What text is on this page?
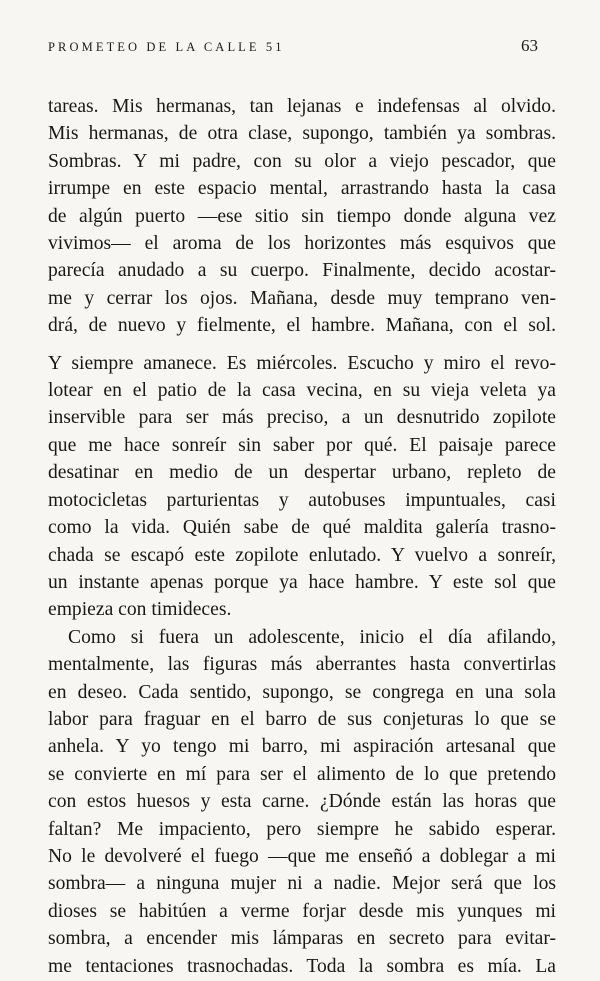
PROMETEO DE LA CALLE 51	63
tareas. Mis hermanas, tan lejanas e indefensas al olvido.
Mis hermanas, de otra clase, supongo, también ya sombras.
Sombras. Y mi padre, con su olor a viejo pescador, que
irrumpe en este espacio mental, arrastrando hasta la casa
de algún puerto —ese sitio sin tiempo donde alguna vez
vivimos— el aroma de los horizontes más esquivos que
parecía anudado a su cuerpo. Finalmente, decido acostar-
me y cerrar los ojos. Mañana, desde muy temprano ven-
drá, de nuevo y fielmente, el hambre. Mañana, con el sol.
Y siempre amanece. Es miércoles. Escucho y miro el revo-
lotear en el patio de la casa vecina, en su vieja veleta ya
inservible para ser más preciso, a un desnutrido zopilote
que me hace sonreír sin saber por qué. El paisaje parece
desatinar en medio de un despertar urbano, repleto de
motocicletas parturientas y autobuses impuntuales, casi
como la vida. Quién sabe de qué maldita galería trasno-
chada se escapó este zopilote enlutado. Y vuelvo a sonreír,
un instante apenas porque ya hace hambre. Y este sol que
empieza con timideces.
Como si fuera un adolescente, inicio el día afilando,
mentalmente, las figuras más aberrantes hasta convertirlas
en deseo. Cada sentido, supongo, se congrega en una sola
labor para fraguar en el barro de sus conjeturas lo que se
anhela. Y yo tengo mi barro, mi aspiración artesanal que
se convierte en mí para ser el alimento de lo que pretendo
con estos huesos y esta carne. ¿Dónde están las horas que
faltan? Me impaciento, pero siempre he sabido esperar.
No le devolveré el fuego —que me enseñó a doblegar a mi
sombra— a ninguna mujer ni a nadie. Mejor será que los
dioses se habitúen a verme forjar desde mis yunques mi
sombra, a encender mis lámparas en secreto para evitar-
me tentaciones trasnochadas. Toda la sombra es mía. La
